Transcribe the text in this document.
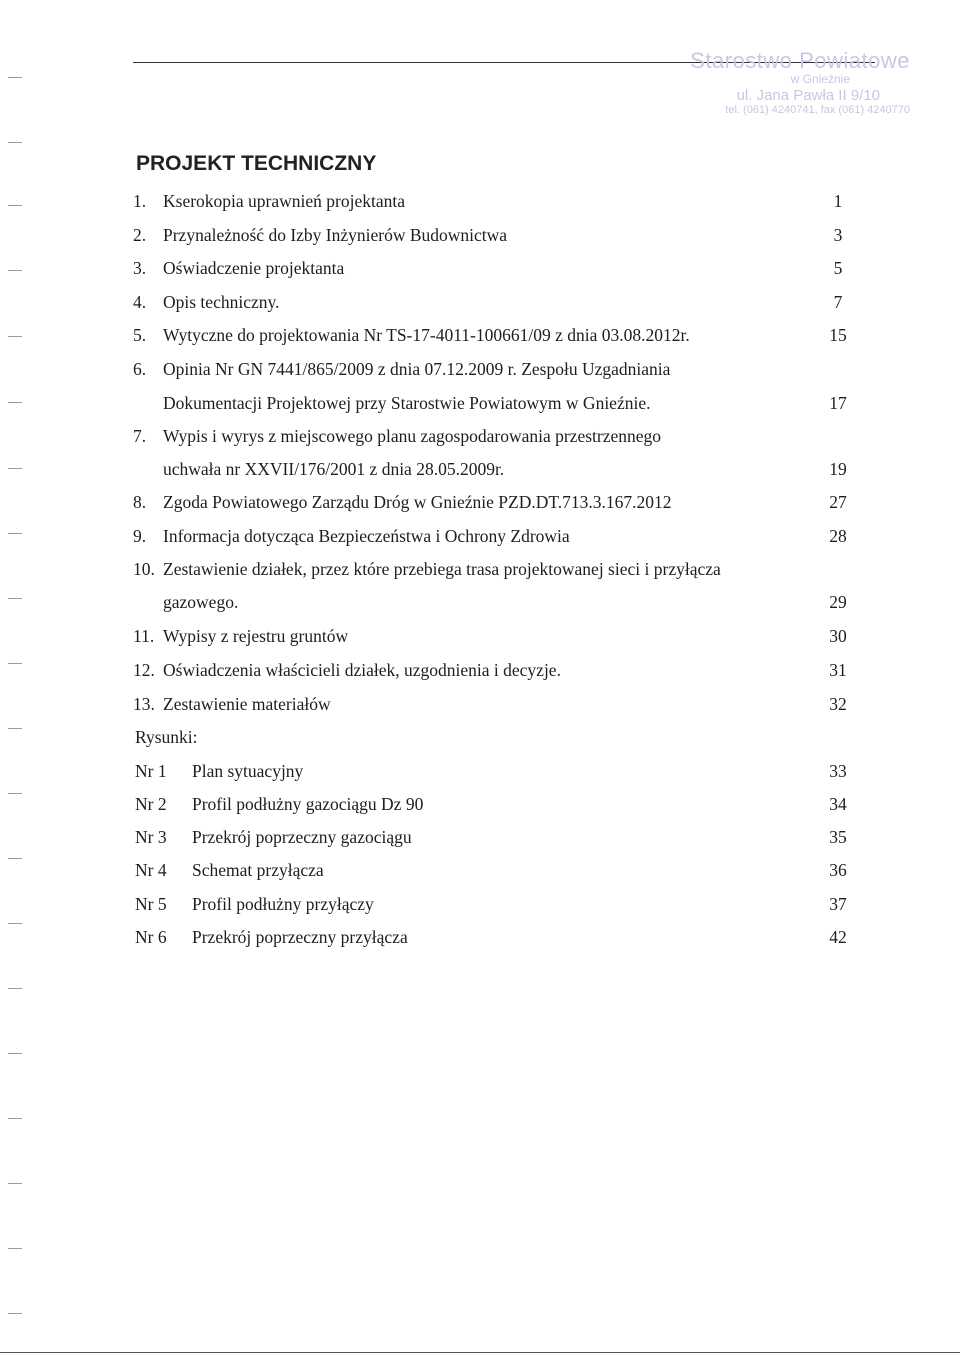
Starostwo Powiatowe
w Gnieźnie
ul. Jana Pawła II 9/10
tel. (061) 4240741, fax (061) 4240770
PROJEKT TECHNICZNY
1. Kserokopia uprawnień projektanta	1
2. Przynależność do Izby Inżynierów Budownictwa	3
3. Oświadczenie projektanta	5
4. Opis techniczny.	7
5. Wytyczne do projektowania Nr TS-17-4011-100661/09 z dnia 03.08.2012r.	15
6. Opinia Nr GN 7441/865/2009 z dnia 07.12.2009 r. Zespołu Uzgadniania
Dokumentacji Projektowej przy Starostwie Powiatowym w Gnieźnie.	17
7. Wypis i wyrys z miejscowego planu zagospodarowania przestrzennego
uchwała nr XXVII/176/2001 z dnia 28.05.2009r.	19
8. Zgoda Powiatowego Zarządu Dróg w Gnieźnie PZD.DT.713.3.167.2012	27
9. Informacja dotycząca Bezpieczeństwa i Ochrony Zdrowia	28
10. Zestawienie działek, przez które przebiega trasa projektowanej sieci i przyłącza
gazowego.	29
11. Wypisy z rejestru gruntów	30
12. Oświadczenia właścicieli działek, uzgodnienia i decyzje.	31
13. Zestawienie materiałów	32
Rysunki:
Nr 1 Plan sytuacyjny	33
Nr 2 Profil podłużny gazociągu Dz 90	34
Nr 3 Przekrój poprzeczny gazociągu	35
Nr 4 Schemat przyłącza	36
Nr 5 Profil podłużny przyłączy	37
Nr 6 Przekrój poprzeczny przyłącza	42
